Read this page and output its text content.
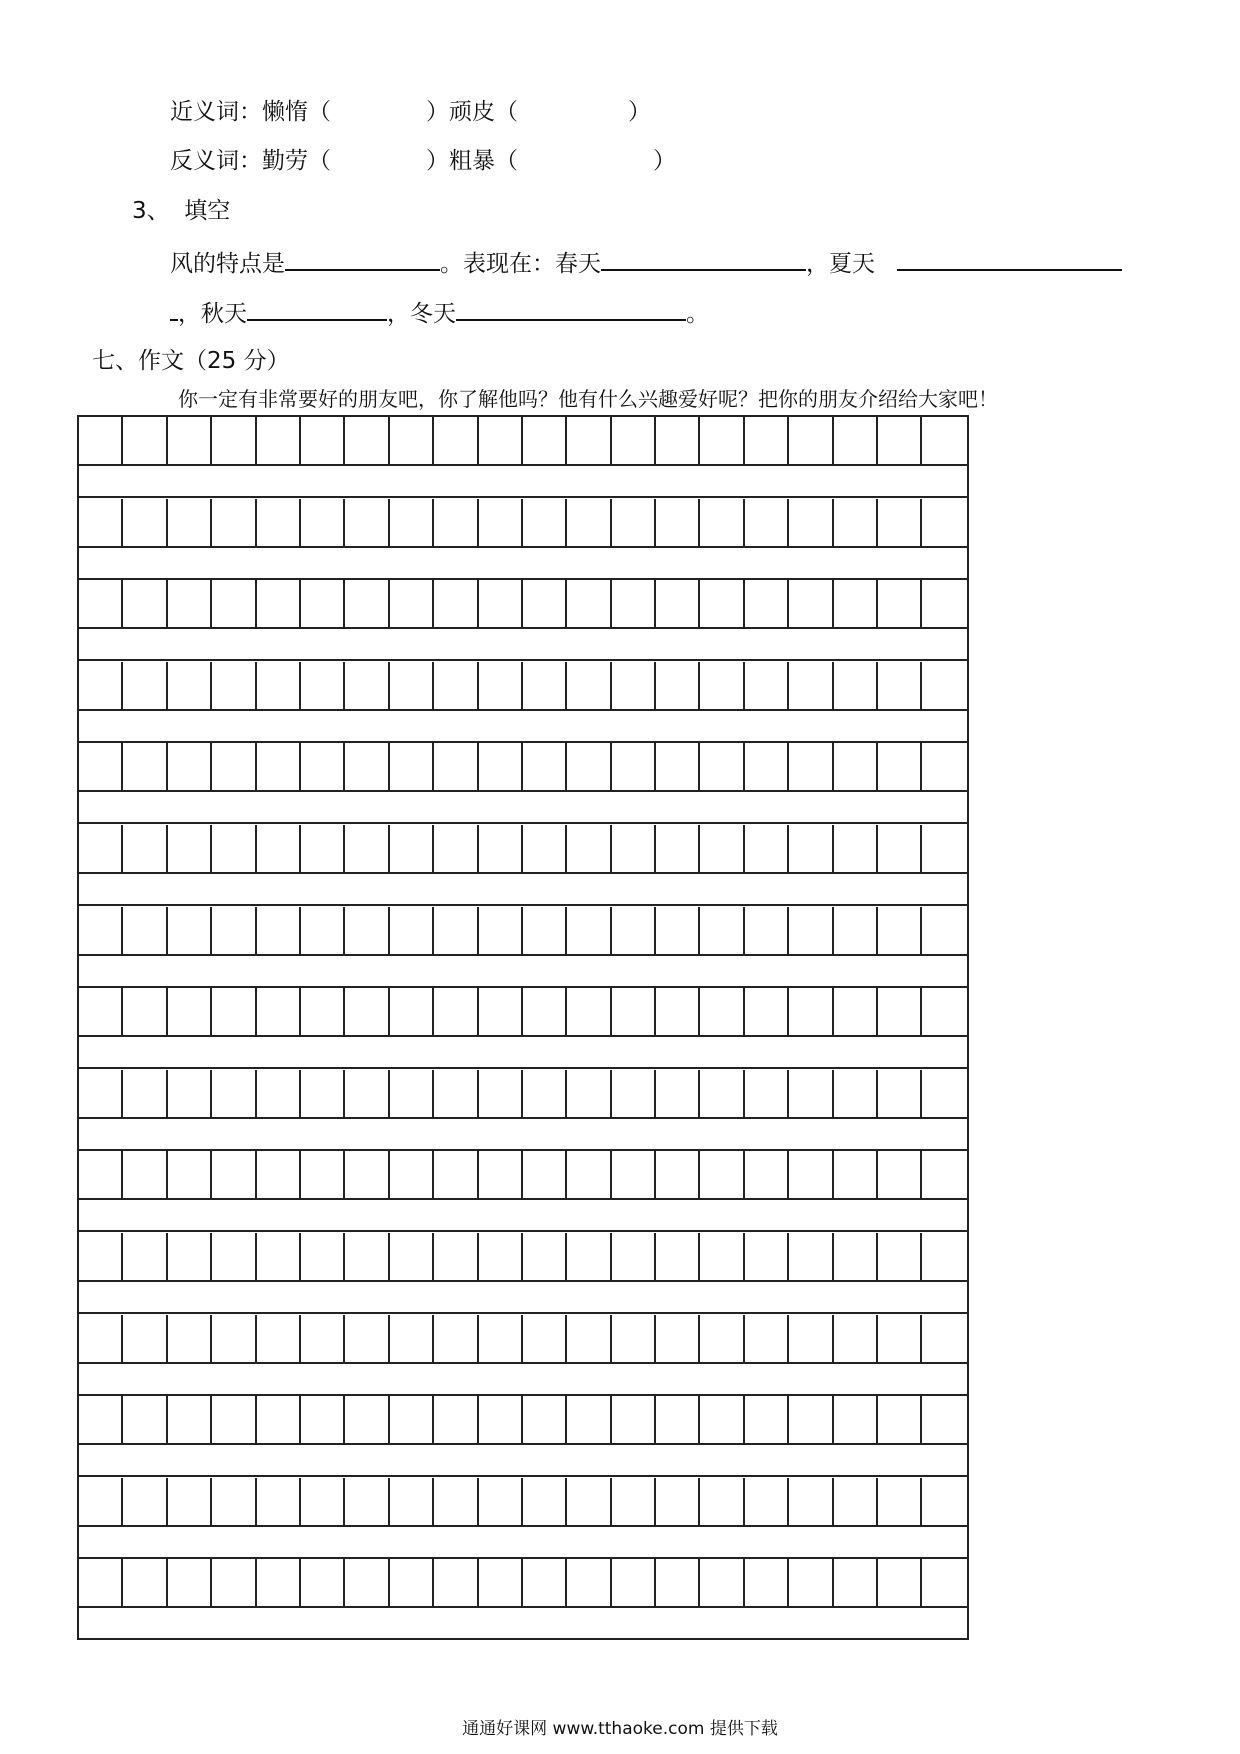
近义词：懒惰（	）顽皮（	）
反义词：勤劳（	）粗暴（	）
3、 填空
风的特点是	。表现在：春天	，夏天
，秋天	，冬天	。
七、作文（25 分）
你一定有非常要好的朋友吧，你了解他吗？他有什么兴趣爱好呢？把你的朋友介绍给大家吧！
通通好课网 www.tthaoke.com 提供下载
